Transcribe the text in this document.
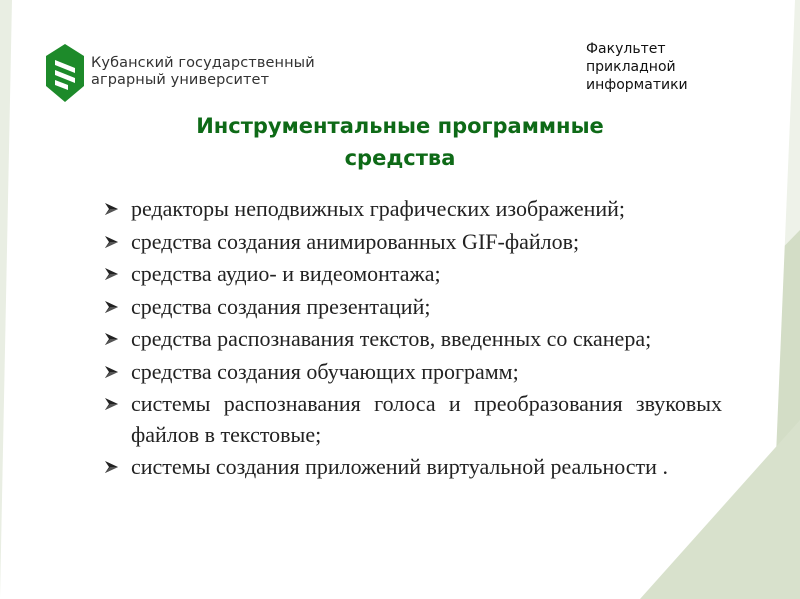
Кубанский государственный
аграрный университет
Факультет
прикладной
информатики
Инструментальные программные
средства
редакторы неподвижных графических изображений;
средства создания анимированных GIF-файлов;
средства аудио- и видеомонтажа;
средства создания презентаций;
средства распознавания текстов, введенных со сканера;
средства создания обучающих программ;
системы распознавания голоса и преобразования звуковых файлов в текстовые;
системы создания приложений виртуальной реальности .
